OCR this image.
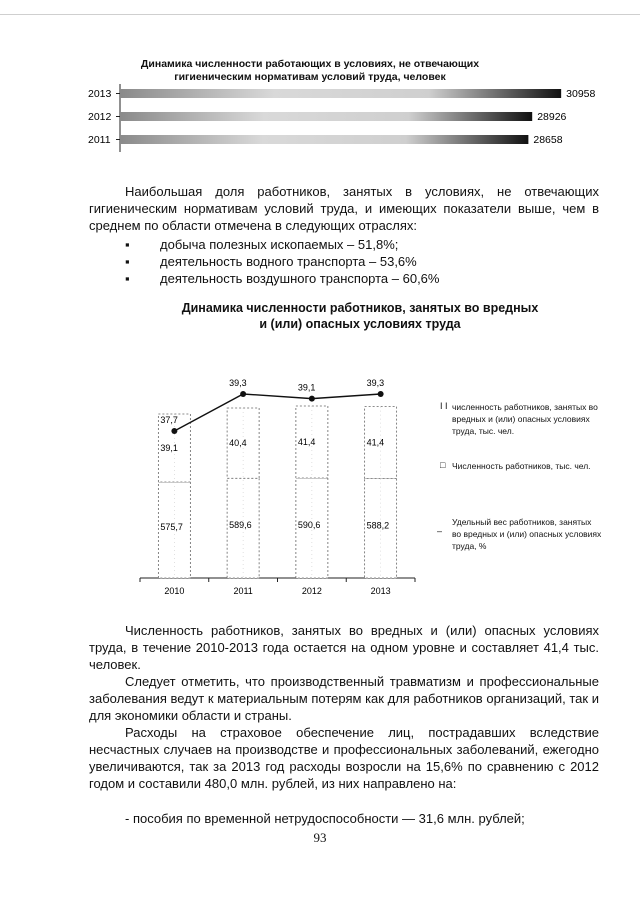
Динамика численности работающих в условиях, не отвечающих гигиеническим нормативам условий труда, человек
2013	30958
2012	28926
2011	28658

Наибольшая доля работников, занятых в условиях, не отвечающих гигиеническим нормативам условий труда, и имеющих показатели выше, чем в среднем по области отмечена в следующих отраслях:

▪ добыча полезных ископаемых – 51,8%;
▪ деятельность водного транспорта – 53,6%
▪ деятельность воздушного транспорта – 60,6%
Динамика численности работников, занятых во вредных
и (или) опасных условиях труда
575,7
39,1
37,7
2010
589,6
40,4
39,3
2011
590,6
41,4
39,1
2012
588,2
41,4
39,3
2013
I I численность работников, занятых во вредных и (или) опасных условиях труда, тыс. чел.
□ Численность работников, тыс. чел.
–
Удельный вес работников, занятых во вредных и (или) опасных условиях труда, %

Численность работников, занятых во вредных и (или) опасных условиях труда, в течение 2010-2013 года остается на одном уровне и составляет 41,4 тыс. человек.

Следует отметить, что производственный травматизм и профессиональные заболевания ведут к материальным потерям как для работников организаций, так и для экономики области и страны.

Расходы на страховое обеспечение лиц, пострадавших вследствие несчастных случаев на производстве и профессиональных заболеваний, ежегодно увеличиваются, так за 2013 год расходы возросли на 15,6% по сравнению с 2012 годом и составили 480,0 млн. рублей, из них направлено на:

- пособия по временной нетрудоспособности — 31,6 млн. рублей;
93
